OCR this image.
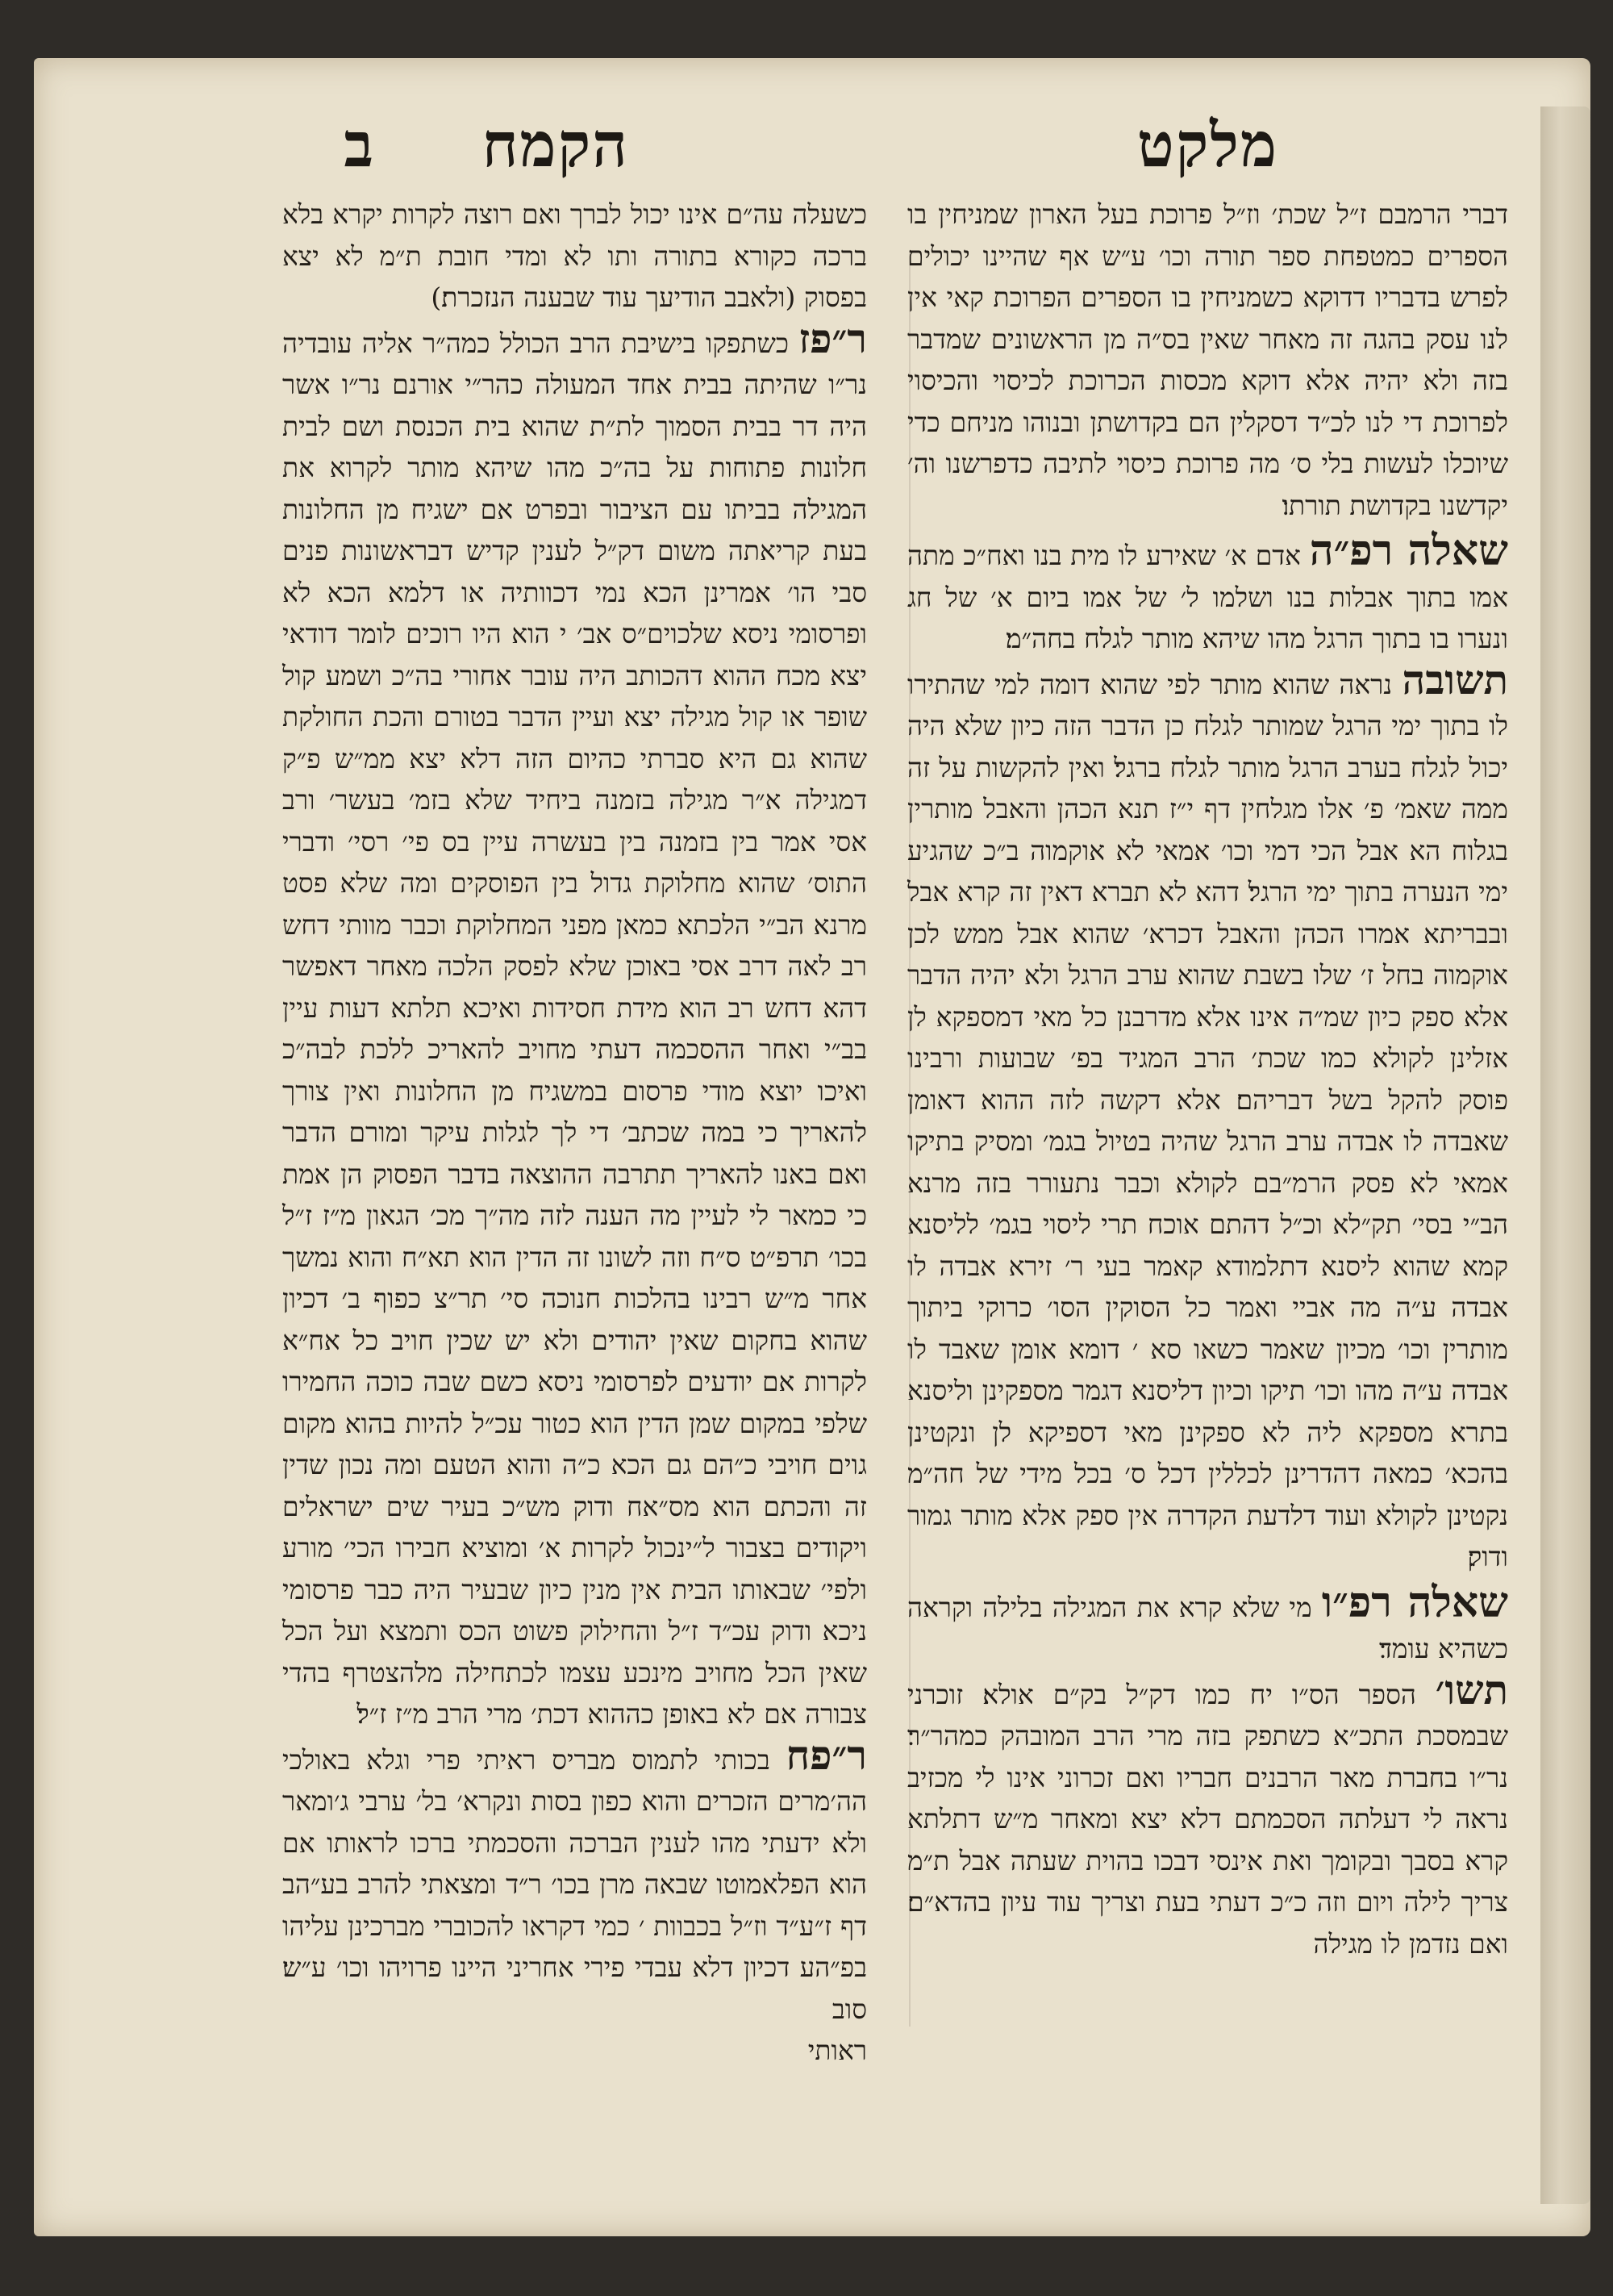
מלקט
הקמח
ב

דברי הרמבם ז״ל שכת׳ וז״ל פרוכת בעל הארון שמניחין בו הספרים כמטפחת ספר תורה וכו׳ ע״ש אף שהיינו יכולים לפרש בדבריו דדוקא כשמניחין בו הספרים הפרוכת קאי אין לנו עסק בהגה זה מאחר שאין בס״ה מן הראשונים שמדבר בזה ולא יהיה אלא דוקא מכסות הכרוכת לכיסוי והכיסוי לפרוכת די לנו לכ״ד דסקלין הם בקדושתן ובנוהו מניחם כדי שיוכלו לעשות בלי ס׳ מה פרוכת כיסוי לתיבה כדפרשנו וה׳ יקדשנו בקדושת תורתו׃

שאלה רפ״ה אדם א׳ שאירע לו מית בנו ואח״כ מתה אמו בתוך אבלות בנו ושלמו ל׳ של אמו ביום א׳ של חג ונערו בו בתוך הרגל מהו שיהא מותר לגלח בחה״מ׃

תשובה נראה שהוא מותר לפי שהוא דומה למי שהתירו לו בתוך ימי הרגל שמותר לגלח כן הדבר הזה כיון שלא היה יכול לגלח בערב הרגל מותר לגלח ברגל׃ ואין להקשות על זה ממה שאמ׳ פ׳ אלו מגלחין דף י״ז תנא הכהן והאבל מותרין בגלוח הא אבל הכי דמי וכו׳ אמאי לא אוקמוה ב״כ שהגיע ימי הנערה בתוך ימי הרגל׃ דהא לא תברא דאין זה קרא אבל ובבריתא אמרו הכהן והאבל דכרא׳ שהוא אבל ממש לכן אוקמוה בחל ז׳ שלו בשבת שהוא ערב הרגל ולא יהיה הדבר אלא ספק כיון שמ״ה אינו אלא מדרבנן כל מאי דמספקא לן אזלינן לקולא כמו שכת׳ הרב המגיד בפ׳ שבועות ורבינו פוסק להקל בשל דבריהם׃ אלא דקשה לזה ההוא דאומן שאבדה לו אבדה ערב הרגל שהיה בטיול בגמ׳ ומסיק בתיקו אמאי לא פסק הרמ״בם לקולא וכבר נתעורר בזה מרנא הב״י בסי׳ תק״לא וכ״ל דהתם אוכח תרי ליסוי בגמ׳ לליסנא קמא שהוא ליסנא דתלמודא קאמר בעי ר׳ זירא אבדה לו אבדה ע״ה מה אביי ואמר כל הסוקין הסו׳ כרוקי ביתוך מותרין וכו׳ מכיון שאמר כשאו סא ׳ דומא אומן שאבד לו אבדה ע״ה מהו וכו׳ תיקו וכיון דליסנא דגמר מספקינן וליסנא בתרא מספקא ליה לא ספקינן מאי דספיקא לן ונקטינן בהכא׳ כמאה דהדרינן לכללין דכל ס׳ בכל מידי של חה״מ נקטינן לקולא ועוד דלדעת הקדרה אין ספק אלא מותר גמור ודוק׃

שאלה רפ״ו מי שלא קרא את המגילה בלילה וקראה כשהיא עומד׃

תשו׳ הספר הס״ו יח כמו דק״ל בק״ם אולא׃ זוכרני שבמסכת התכ״א כשתפק בזה מרי הרב המובהק כמהר״ר׃ נר״ו בחברת מאר הרבנים חבריו ואם זכרוני אינו לי מכזיב נראה לי דעלתה הסכמתם דלא יצא ומאחר מ״ש דתלתא קרא בסבך ובקומך ואת אינסי דבכו בהוית שעתה אבל ת״מ צריך לילה ויום וזה כ״כ דעתי בעת וצריך עוד עיון בהדא״ם׃ ואם נזדמן לו מגילה

כשעלה עה״ם אינו יכול לברך ואם רוצה לקרות יקרא בלא ברכה כקורא בתורה ותו לא ומדי חובת ת״מ לא יצא בפסוק (ולאבב הודיעך עוד שבענה הנזכרת׃)

ר״פז כשתפקו בישיבת הרב הכולל כמה״ר אליה עובדיה נר״ו שהיתה בבית אחד המעולה כהר״י אורנם נר״ו אשר היה דר בבית הסמוך לת״ת שהוא בית הכנסת ושם לבית חלונות פתוחות על בה״כ מהו שיהא מותר לקרוא את המגילה בביתו עם הציבור ובפרט אם ישגיח מן החלונות בעת קריאתה משום דק״ל לענין קדיש דבראשונות פנים סבי הו׳ אמרינן הכא נמי דכוותיה או דלמא הכא לא ופרסומי ניסא שלכוים״ס אב׳ י הוא היו רוכים לומר דודאי יצא מכח ההוא דהכותב היה עובר אחורי בה״כ ושמע קול שופר או קול מגילה יצא ועיין הדבר בטורם והכת החולקת שהוא גם היא סברתי כהיום הזה דלא יצא ממ״ש פ״ק דמגילה א״ר מגילה בזמנה ביחיד שלא בזמ׳ בעשר׳ ורב אסי אמר בין בזמנה בין בעשרה עיין בס פי׳ רסי׳ ודברי התוס׳ שהוא מחלוקת גדול בין הפוסקים ומה שלא פסט מרנא הב״י הלכתא כמאן מפני המחלוקת וכבר מוותי דחש רב לאה דרב אסי באוכן שלא לפסק הלכה מאחר דאפשר דהא דחש רב הוא מידת חסידות ואיכא תלתא דעות עיין בב״י ואחר ההסכמה דעתי מחויב להאריכ ללכת לבה״כ ואיכו יוצא מודי פרסום במשגיח מן החלונות ואין צורך להאריך כי במה שכתב׳ די לך לגלות עיקר ומורם הדבר ואם באנו להאריך תתרבה ההוצאה בדבר הפסוק הן אמת כי כמאר לי לעיין מה הענה לזה מה״ך מכ׳ הגאון מ״ז ז״ל בכו׳ תרפ״ט ס״ח וזה לשונו זה הדין הוא תא״ח והוא נמשך אחר מ״ש רבינו בהלכות חנוכה סי׳ תר״צ כפוף ב׳ דכיון שהוא בחקום שאין יהודים ולא יש שכין חויב כל אח״א לקרות אם יודעים לפרסומי ניסא כשם שבה כוכה החמירו שלפי במקום שמן הדין הוא כטור עכ״ל להיות בהוא מקום גוים חויבי כ״הם גם הכא כ״ה והוא הטעם ומה נכון שדין זה והכתם הוא מס״אח ודוק מש״כ בעיר שים ישראלים ויקודים בצבור ל״ינכול לקרות א׳ ומוציא חבירו הכי׳ מורע ולפי׳ שבאותו הבית אין מנין כיון שבעיר היה כבר פרסומי ניכא ודוק עכ״ד ז״ל והחילוק פשוט הכס ותמצא ועל הכל שאין הכל מחויב מינכע עצמו לכתחילה מלהצטרף בהדי צבורה אם לא באופן כההוא דכת׳ מרי הרב מ״ז ז״ל׃

ר״פח בכותי לתמוס מבריס ראיתי פרי וגלא באולכי הה׳מרים הזכרים והוא כפון בסות ונקרא׳ בל׳ ערבי ג׳ומאר ולא ידעתי מהו לענין הברכה והסכמתי ברכו לראותו אם הוא הפלאמוטו שבאה מרן בכו׳ ר״ד ומצאתי להרב בע״הב דף ז״ע״ד וז״ל בכבוות ׳ כמי דקראו להכוברי מברכינן עליהו בפ״הע דכיון דלא עבדי פירי אחריני היינו פרויהו וכו׳ ע״ש׃ סוב

ראותי
